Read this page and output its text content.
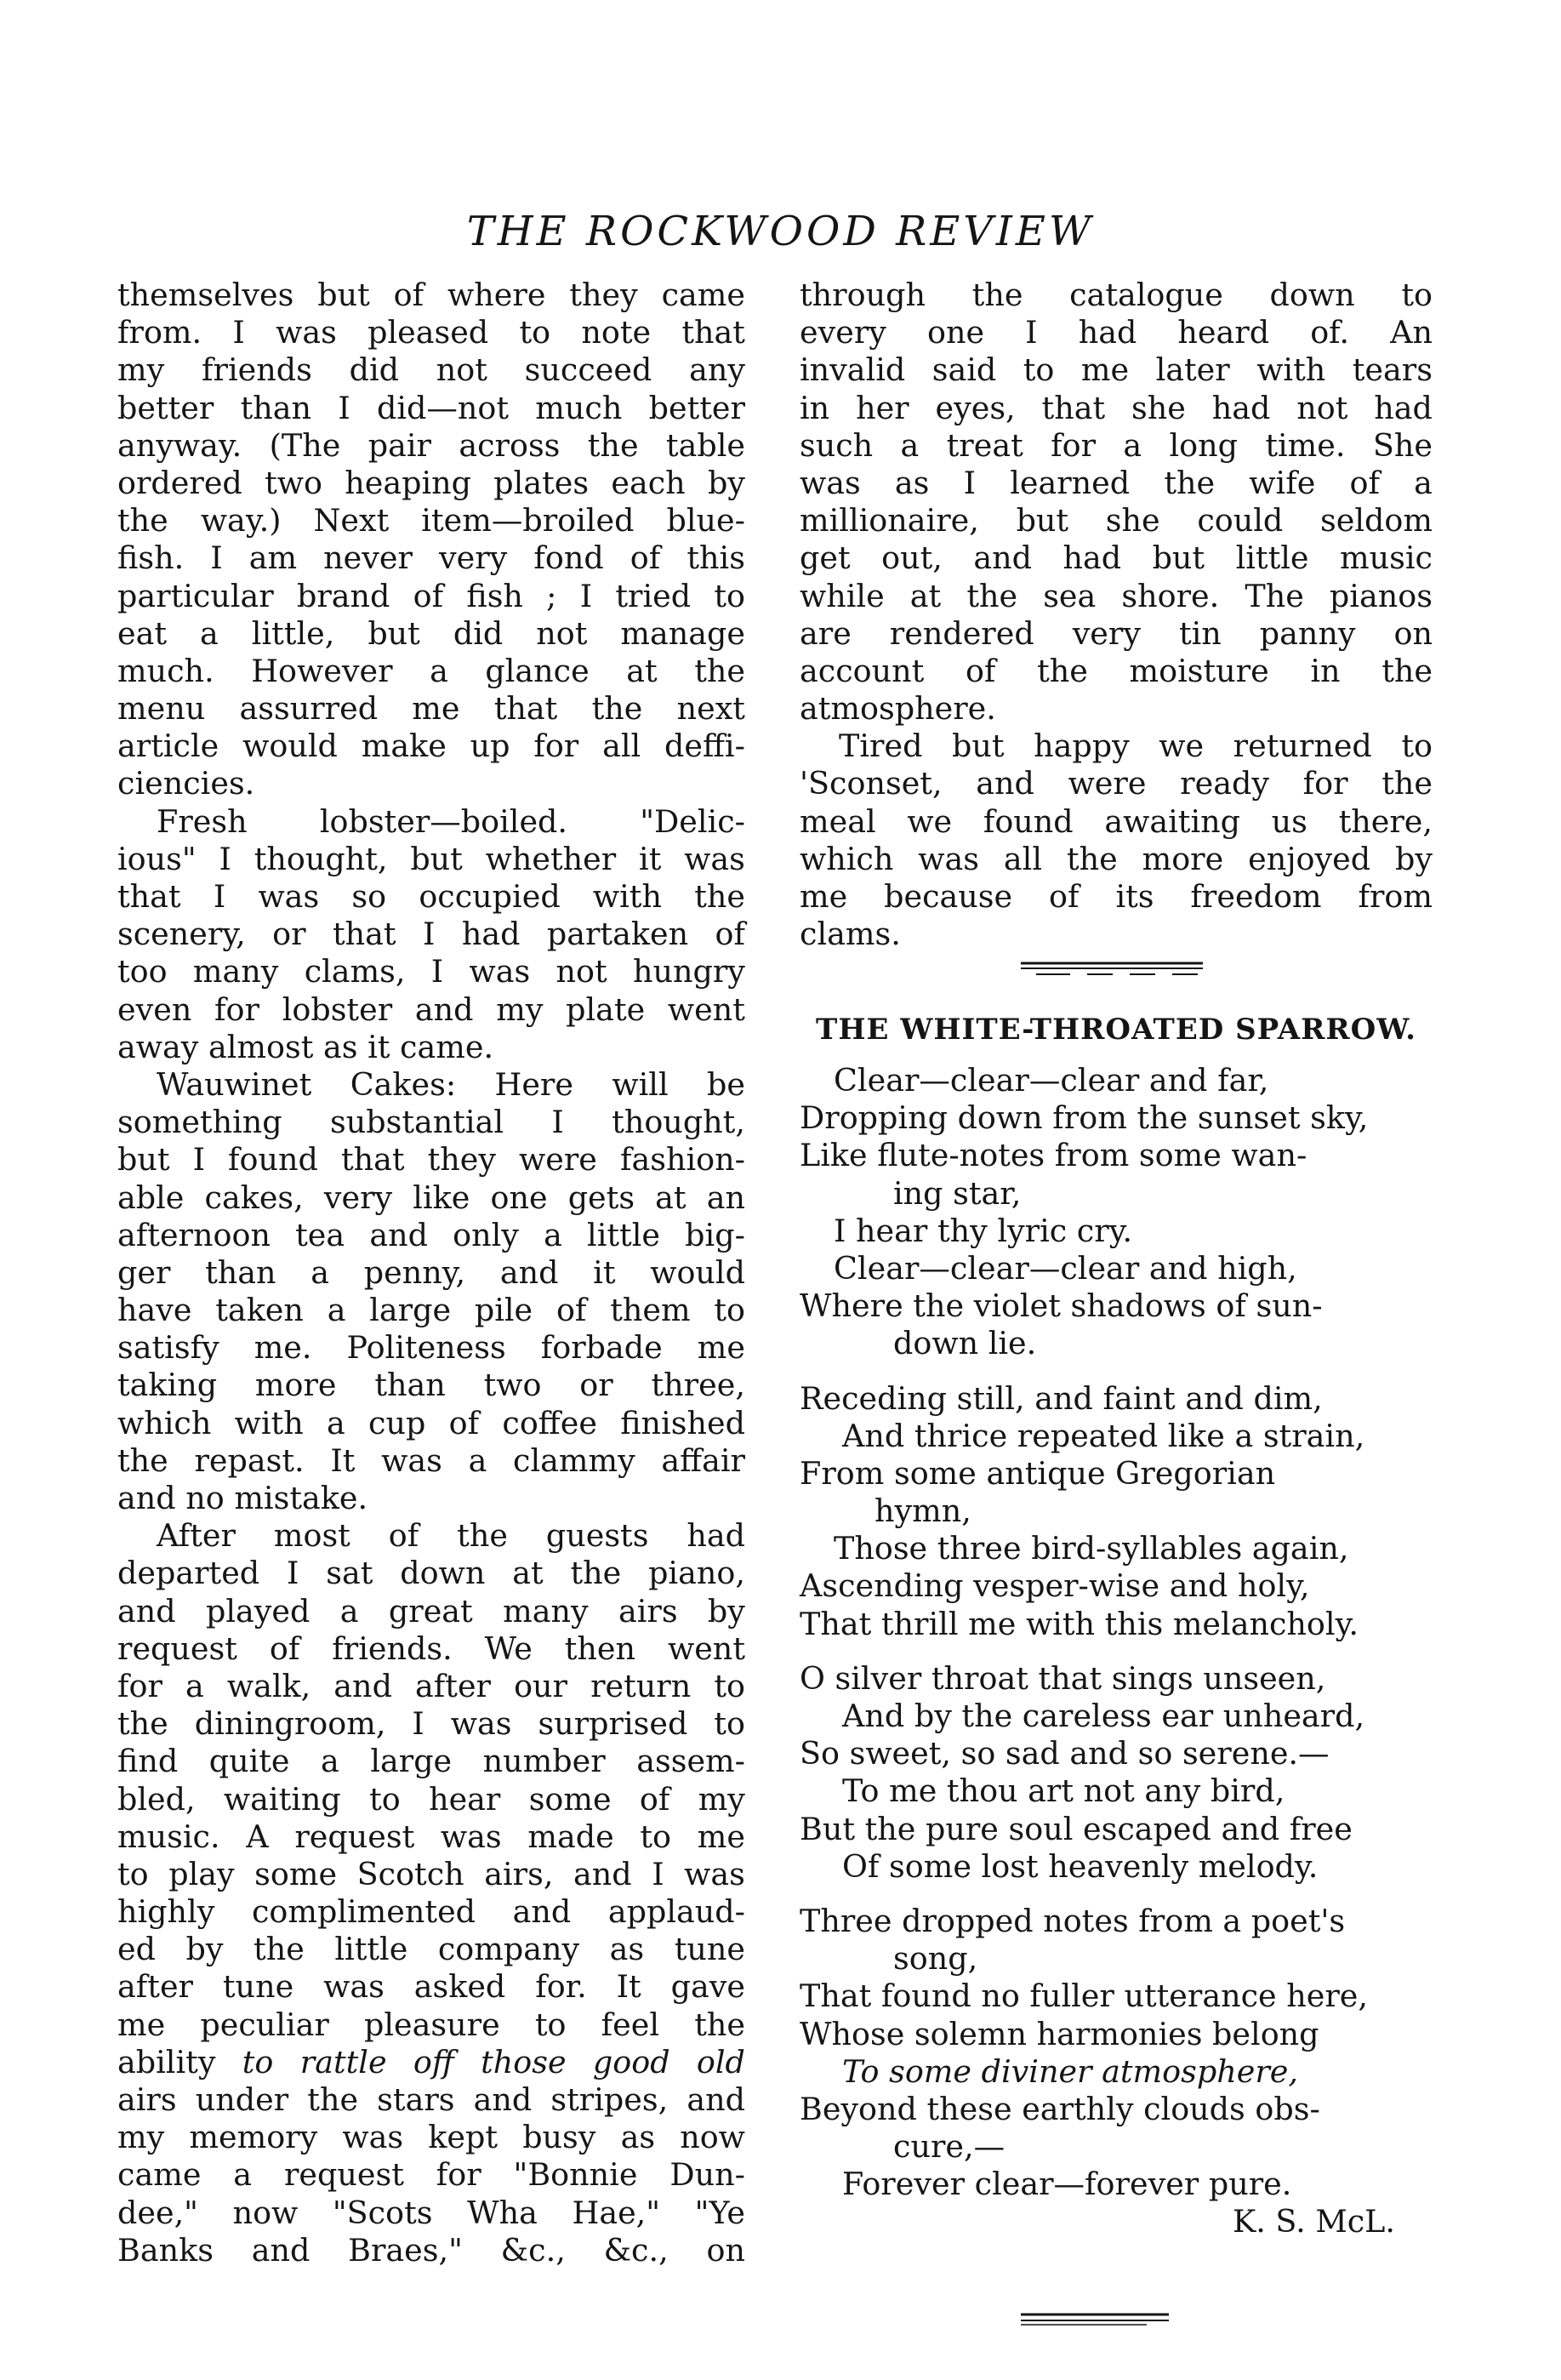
THE ROCKWOOD REVIEW
themselves but of where they came
from. I was pleased to note that
my friends did not succeed any
better than I did—not much better
anyway. (The pair across the table
ordered two heaping plates each by
the way.) Next item—broiled blue-
fish. I am never very fond of this
particular brand of fish ; I tried to
eat a little, but did not manage
much. However a glance at the
menu assurred me that the next
article would make up for all deffi-
ciencies.
Fresh lobster—boiled. "Delic-
ious" I thought, but whether it was
that I was so occupied with the
scenery, or that I had partaken of
too many clams, I was not hungry
even for lobster and my plate went
away almost as it came.
Wauwinet Cakes: Here will be
something substantial I thought,
but I found that they were fashion-
able cakes, very like one gets at an
afternoon tea and only a little big-
ger than a penny, and it would
have taken a large pile of them to
satisfy me. Politeness forbade me
taking more than two or three,
which with a cup of coffee finished
the repast. It was a clammy affair
and no mistake.
After most of the guests had
departed I sat down at the piano,
and played a great many airs by
request of friends. We then went
for a walk, and after our return to
the diningroom, I was surprised to
find quite a large number assem-
bled, waiting to hear some of my
music. A request was made to me
to play some Scotch airs, and I was
highly complimented and applaud-
ed by the little company as tune
after tune was asked for. It gave
me peculiar pleasure to feel the
ability to rattle off those good old
airs under the stars and stripes, and
my memory was kept busy as now
came a request for "Bonnie Dun-
dee," now "Scots Wha Hae," "Ye
Banks and Braes," &c., &c., on
through the catalogue down to
every one I had heard of. An
invalid said to me later with tears
in her eyes, that she had not had
such a treat for a long time. She
was as I learned the wife of a
millionaire, but she could seldom
get out, and had but little music
while at the sea shore. The pianos
are rendered very tin panny on
account of the moisture in the
atmosphere.
Tired but happy we returned to
'Sconset, and were ready for the
meal we found awaiting us there,
which was all the more enjoyed by
me because of its freedom from
clams.
THE WHITE-THROATED SPARROW.
Clear—clear—clear and far,
Dropping down from the sunset sky,
Like flute-notes from some wan-
ing star,
I hear thy lyric cry.
Clear—clear—clear and high,
Where the violet shadows of sun-
down lie.
Receding still, and faint and dim,
And thrice repeated like a strain,
From some antique Gregorian
hymn,
Those three bird-syllables again,
Ascending vesper-wise and holy,
That thrill me with this melancholy.
O silver throat that sings unseen,
And by the careless ear unheard,
So sweet, so sad and so serene.—
To me thou art not any bird,
But the pure soul escaped and free
Of some lost heavenly melody.
Three dropped notes from a poet's
song,
That found no fuller utterance here,
Whose solemn harmonies belong
To some diviner atmosphere,
Beyond these earthly clouds obs-
cure,—
Forever clear—forever pure.
K. S. McL.
